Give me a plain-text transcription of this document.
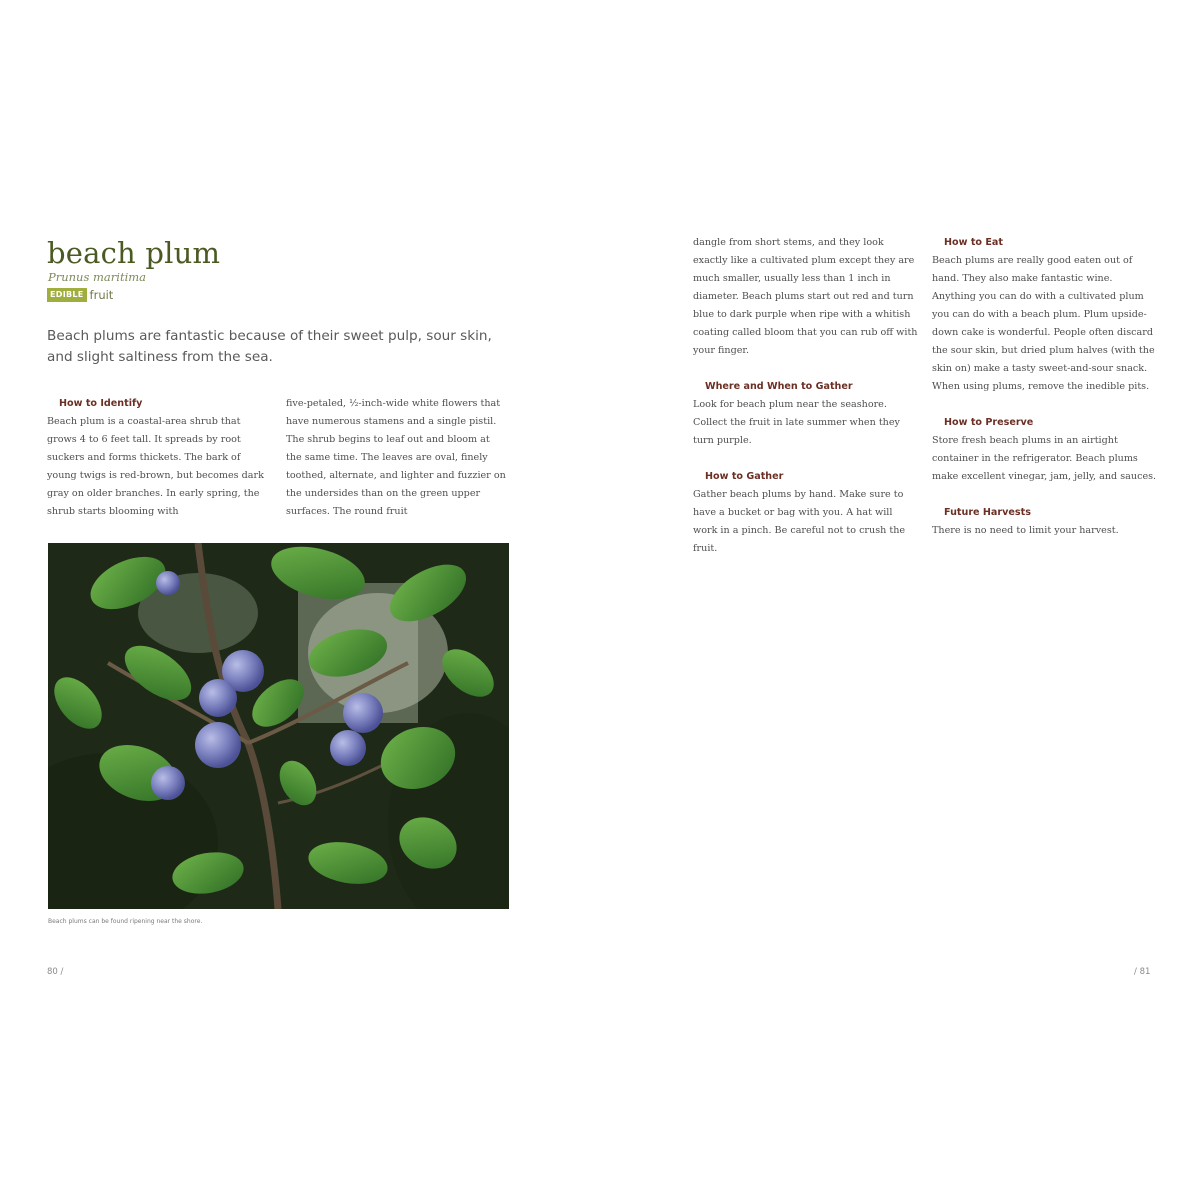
beach plum
Prunus maritima
EDIBLE fruit

Beach plums are fantastic because of their sweet pulp, sour skin, and slight saltiness from the sea.

How to Identify

Beach plum is a coastal-area shrub that grows 4 to 6 feet tall. It spreads by root suckers and forms thickets. The bark of young twigs is red-brown, but becomes dark gray on older branches. In early spring, the shrub starts blooming with

five-petaled, ½-inch-wide white flowers that have numerous stamens and a single pistil. The shrub begins to leaf out and bloom at the same time. The leaves are oval, finely toothed, alternate, and lighter and fuzzier on the undersides than on the green upper surfaces. The round fruit

Beach plums can be found ripening near the shore.
80 /

dangle from short stems, and they look exactly like a cultivated plum except they are much smaller, usually less than 1 inch in diameter. Beach plums start out red and turn blue to dark purple when ripe with a whitish coating called bloom that you can rub off with your finger.

Where and When to Gather

Look for beach plum near the seashore. Collect the fruit in late summer when they turn purple.

How to Gather

Gather beach plums by hand. Make sure to have a bucket or bag with you. A hat will work in a pinch. Be careful not to crush the fruit.

How to Eat

Beach plums are really good eaten out of hand. They also make fantastic wine. Anything you can do with a cultivated plum you can do with a beach plum. Plum upside-down cake is wonderful. People often discard the sour skin, but dried plum halves (with the skin on) make a tasty sweet-and-sour snack. When using plums, remove the inedible pits.

How to Preserve

Store fresh beach plums in an airtight container in the refrigerator. Beach plums make excellent vinegar, jam, jelly, and sauces.

Future Harvests

There is no need to limit your harvest.

/ 81
